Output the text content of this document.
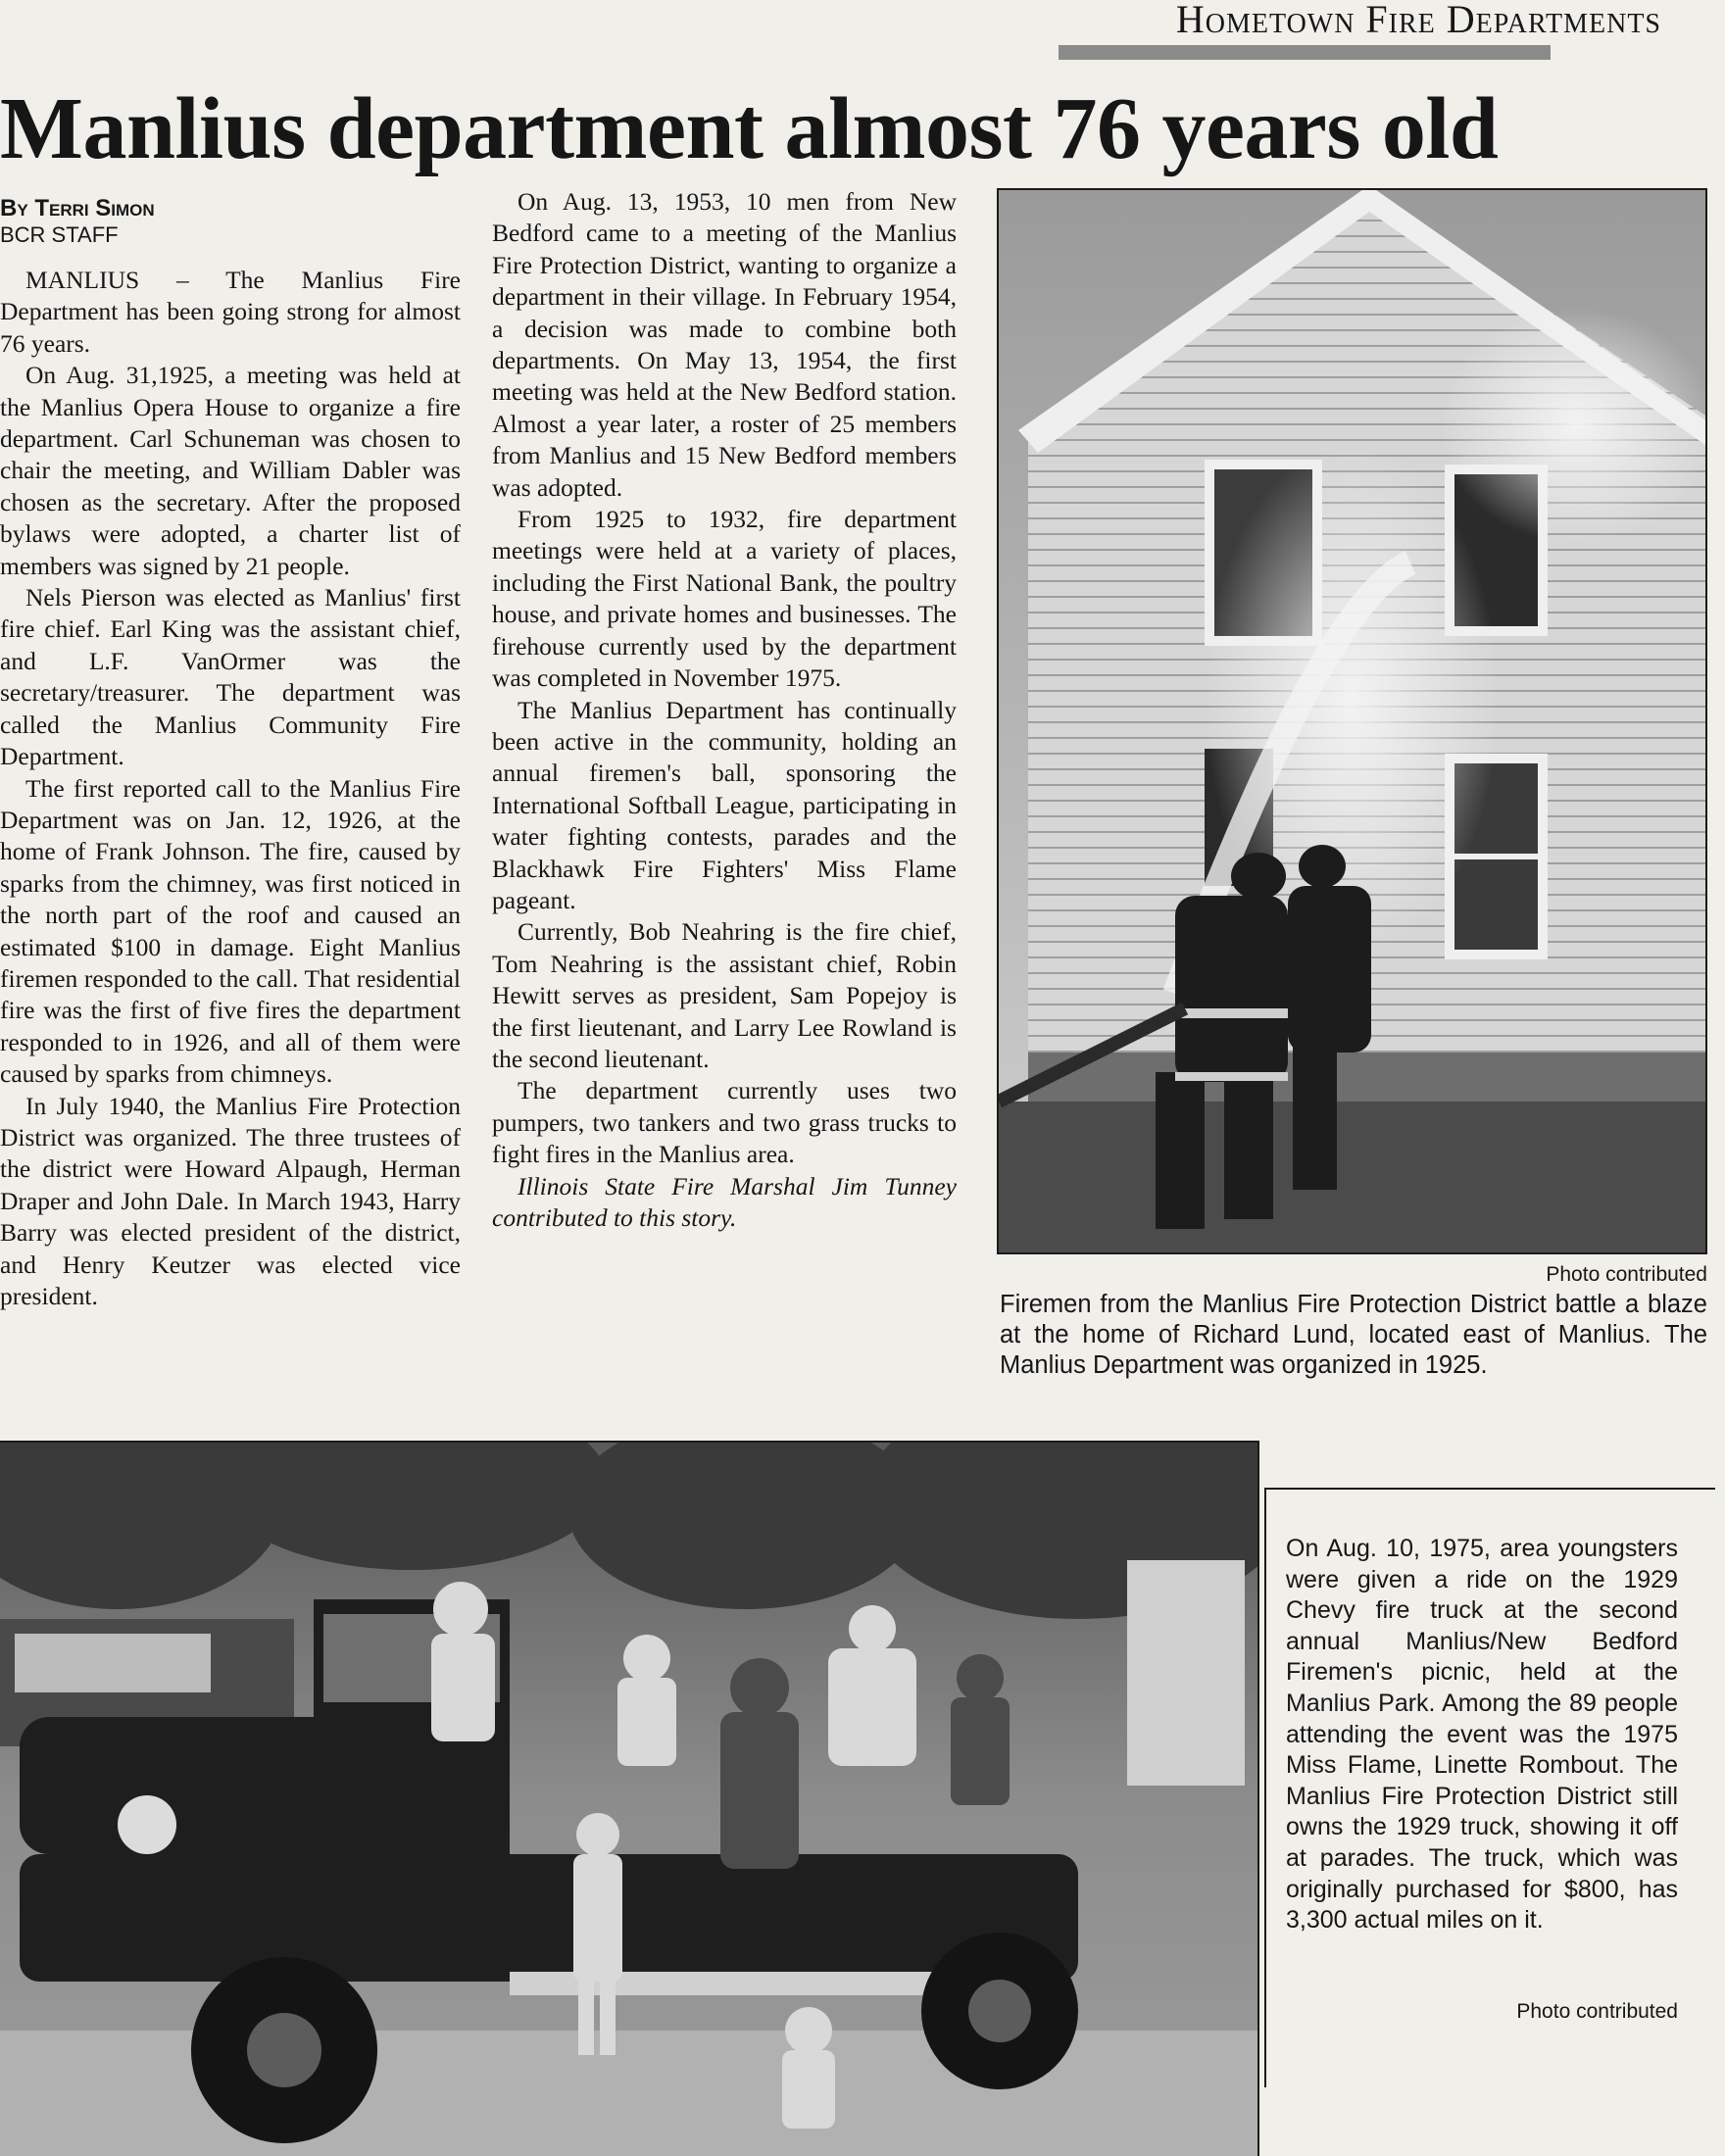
Hometown Fire Departments
Manlius department almost 76 years old
By Terri Simon
BCR STAFF

MANLIUS – The Manlius Fire Department has been going strong for almost 76 years.

On Aug. 31,1925, a meeting was held at the Manlius Opera House to organize a fire department. Carl Schuneman was chosen to chair the meeting, and William Dabler was chosen as the secretary. After the proposed bylaws were adopted, a charter list of members was signed by 21 people.

Nels Pierson was elected as Manlius' first fire chief. Earl King was the assistant chief, and L.F. VanOrmer was the secretary/treasurer. The department was called the Manlius Community Fire Department.

The first reported call to the Manlius Fire Department was on Jan. 12, 1926, at the home of Frank Johnson. The fire, caused by sparks from the chimney, was first noticed in the north part of the roof and caused an estimated $100 in damage. Eight Manlius firemen responded to the call. That residential fire was the first of five fires the department responded to in 1926, and all of them were caused by sparks from chimneys.

In July 1940, the Manlius Fire Protection District was organized. The three trustees of the district were Howard Alpaugh, Herman Draper and John Dale. In March 1943, Harry Barry was elected president of the district, and Henry Keutzer was elected vice president.

On Aug. 13, 1953, 10 men from New Bedford came to a meeting of the Manlius Fire Protection District, wanting to organize a department in their village. In February 1954, a decision was made to combine both departments. On May 13, 1954, the first meeting was held at the New Bedford station. Almost a year later, a roster of 25 members from Manlius and 15 New Bedford members was adopted.

From 1925 to 1932, fire department meetings were held at a variety of places, including the First National Bank, the poultry house, and private homes and businesses. The firehouse currently used by the department was completed in November 1975.

The Manlius Department has continually been active in the community, holding an annual firemen's ball, sponsoring the International Softball League, participating in water fighting contests, parades and the Blackhawk Fire Fighters' Miss Flame pageant.

Currently, Bob Neahring is the fire chief, Tom Neahring is the assistant chief, Robin Hewitt serves as president, Sam Popejoy is the first lieutenant, and Larry Lee Rowland is the second lieutenant.

The department currently uses two pumpers, two tankers and two grass trucks to fight fires in the Manlius area.

Illinois State Fire Marshal Jim Tunney contributed to this story.

Photo contributed
Firemen from the Manlius Fire Protection District battle a blaze at the home of Richard Lund, located east of Manlius. The Manlius Department was organized in 1925.
On Aug. 10, 1975, area youngsters were given a ride on the 1929 Chevy fire truck at the second annual Manlius/New Bedford Firemen's picnic, held at the Manlius Park. Among the 89 people attending the event was the 1975 Miss Flame, Linette Rombout. The Manlius Fire Protection District still owns the 1929 truck, showing it off at parades. The truck, which was originally purchased for $800, has 3,300 actual miles on it.
Photo contributed
